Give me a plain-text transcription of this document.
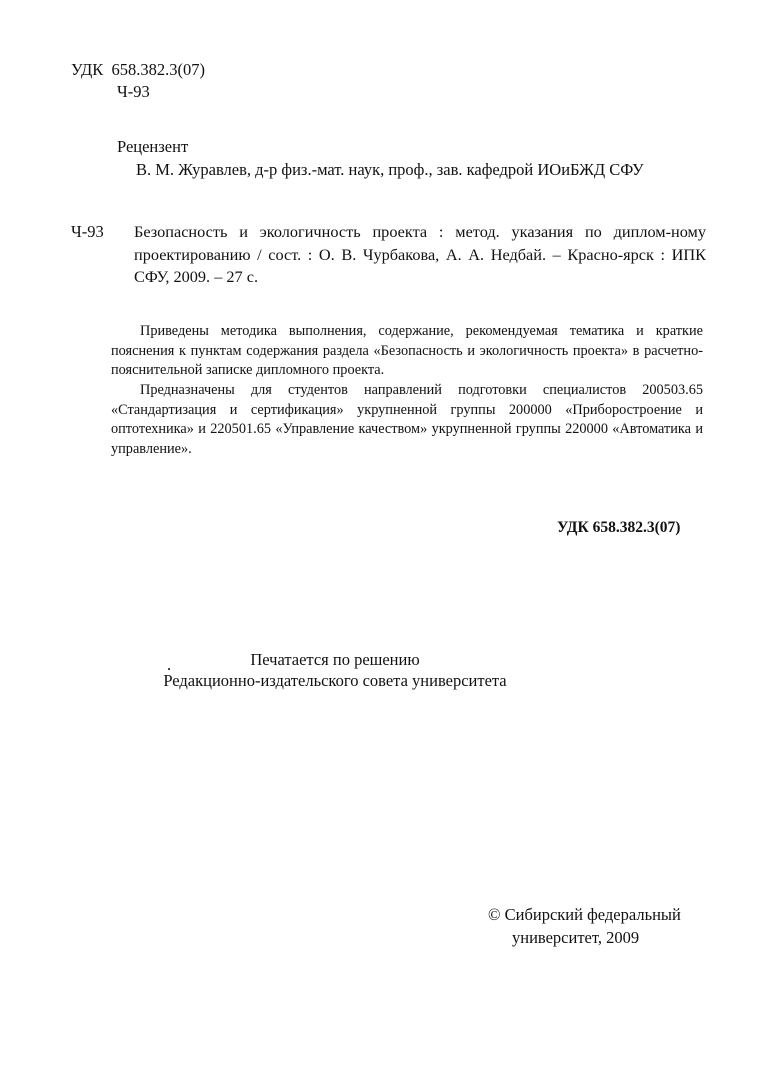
УДК 658.382.3(07)
Ч-93
Рецензент
В. М. Журавлев, д-р физ.-мат. наук, проф., зав. кафедрой ИОиБЖД СФУ
Ч-93 Безопасность и экологичность проекта : метод. указания по диплом-ному проектированию / сост. : О. В. Чурбакова, А. А. Недбай. – Красно-ярск : ИПК СФУ, 2009. – 27 с.

Приведены методика выполнения, содержание, рекомендуемая тематика и краткие пояснения к пунктам содержания раздела «Безопасность и экологичность проекта» в расчетно-пояснительной записке дипломного проекта.

Предназначены для студентов направлений подготовки специалистов 200503.65 «Стандартизация и сертификация» укрупненной группы 200000 «Приборостроение и оптотехника» и 220501.65 «Управление качеством» укрупненной группы 220000 «Автоматика и управление».

УДК 658.382.3(07)
Печатается по решению
Редакционно-издательского совета университета
© Сибирский федеральный
университет, 2009
